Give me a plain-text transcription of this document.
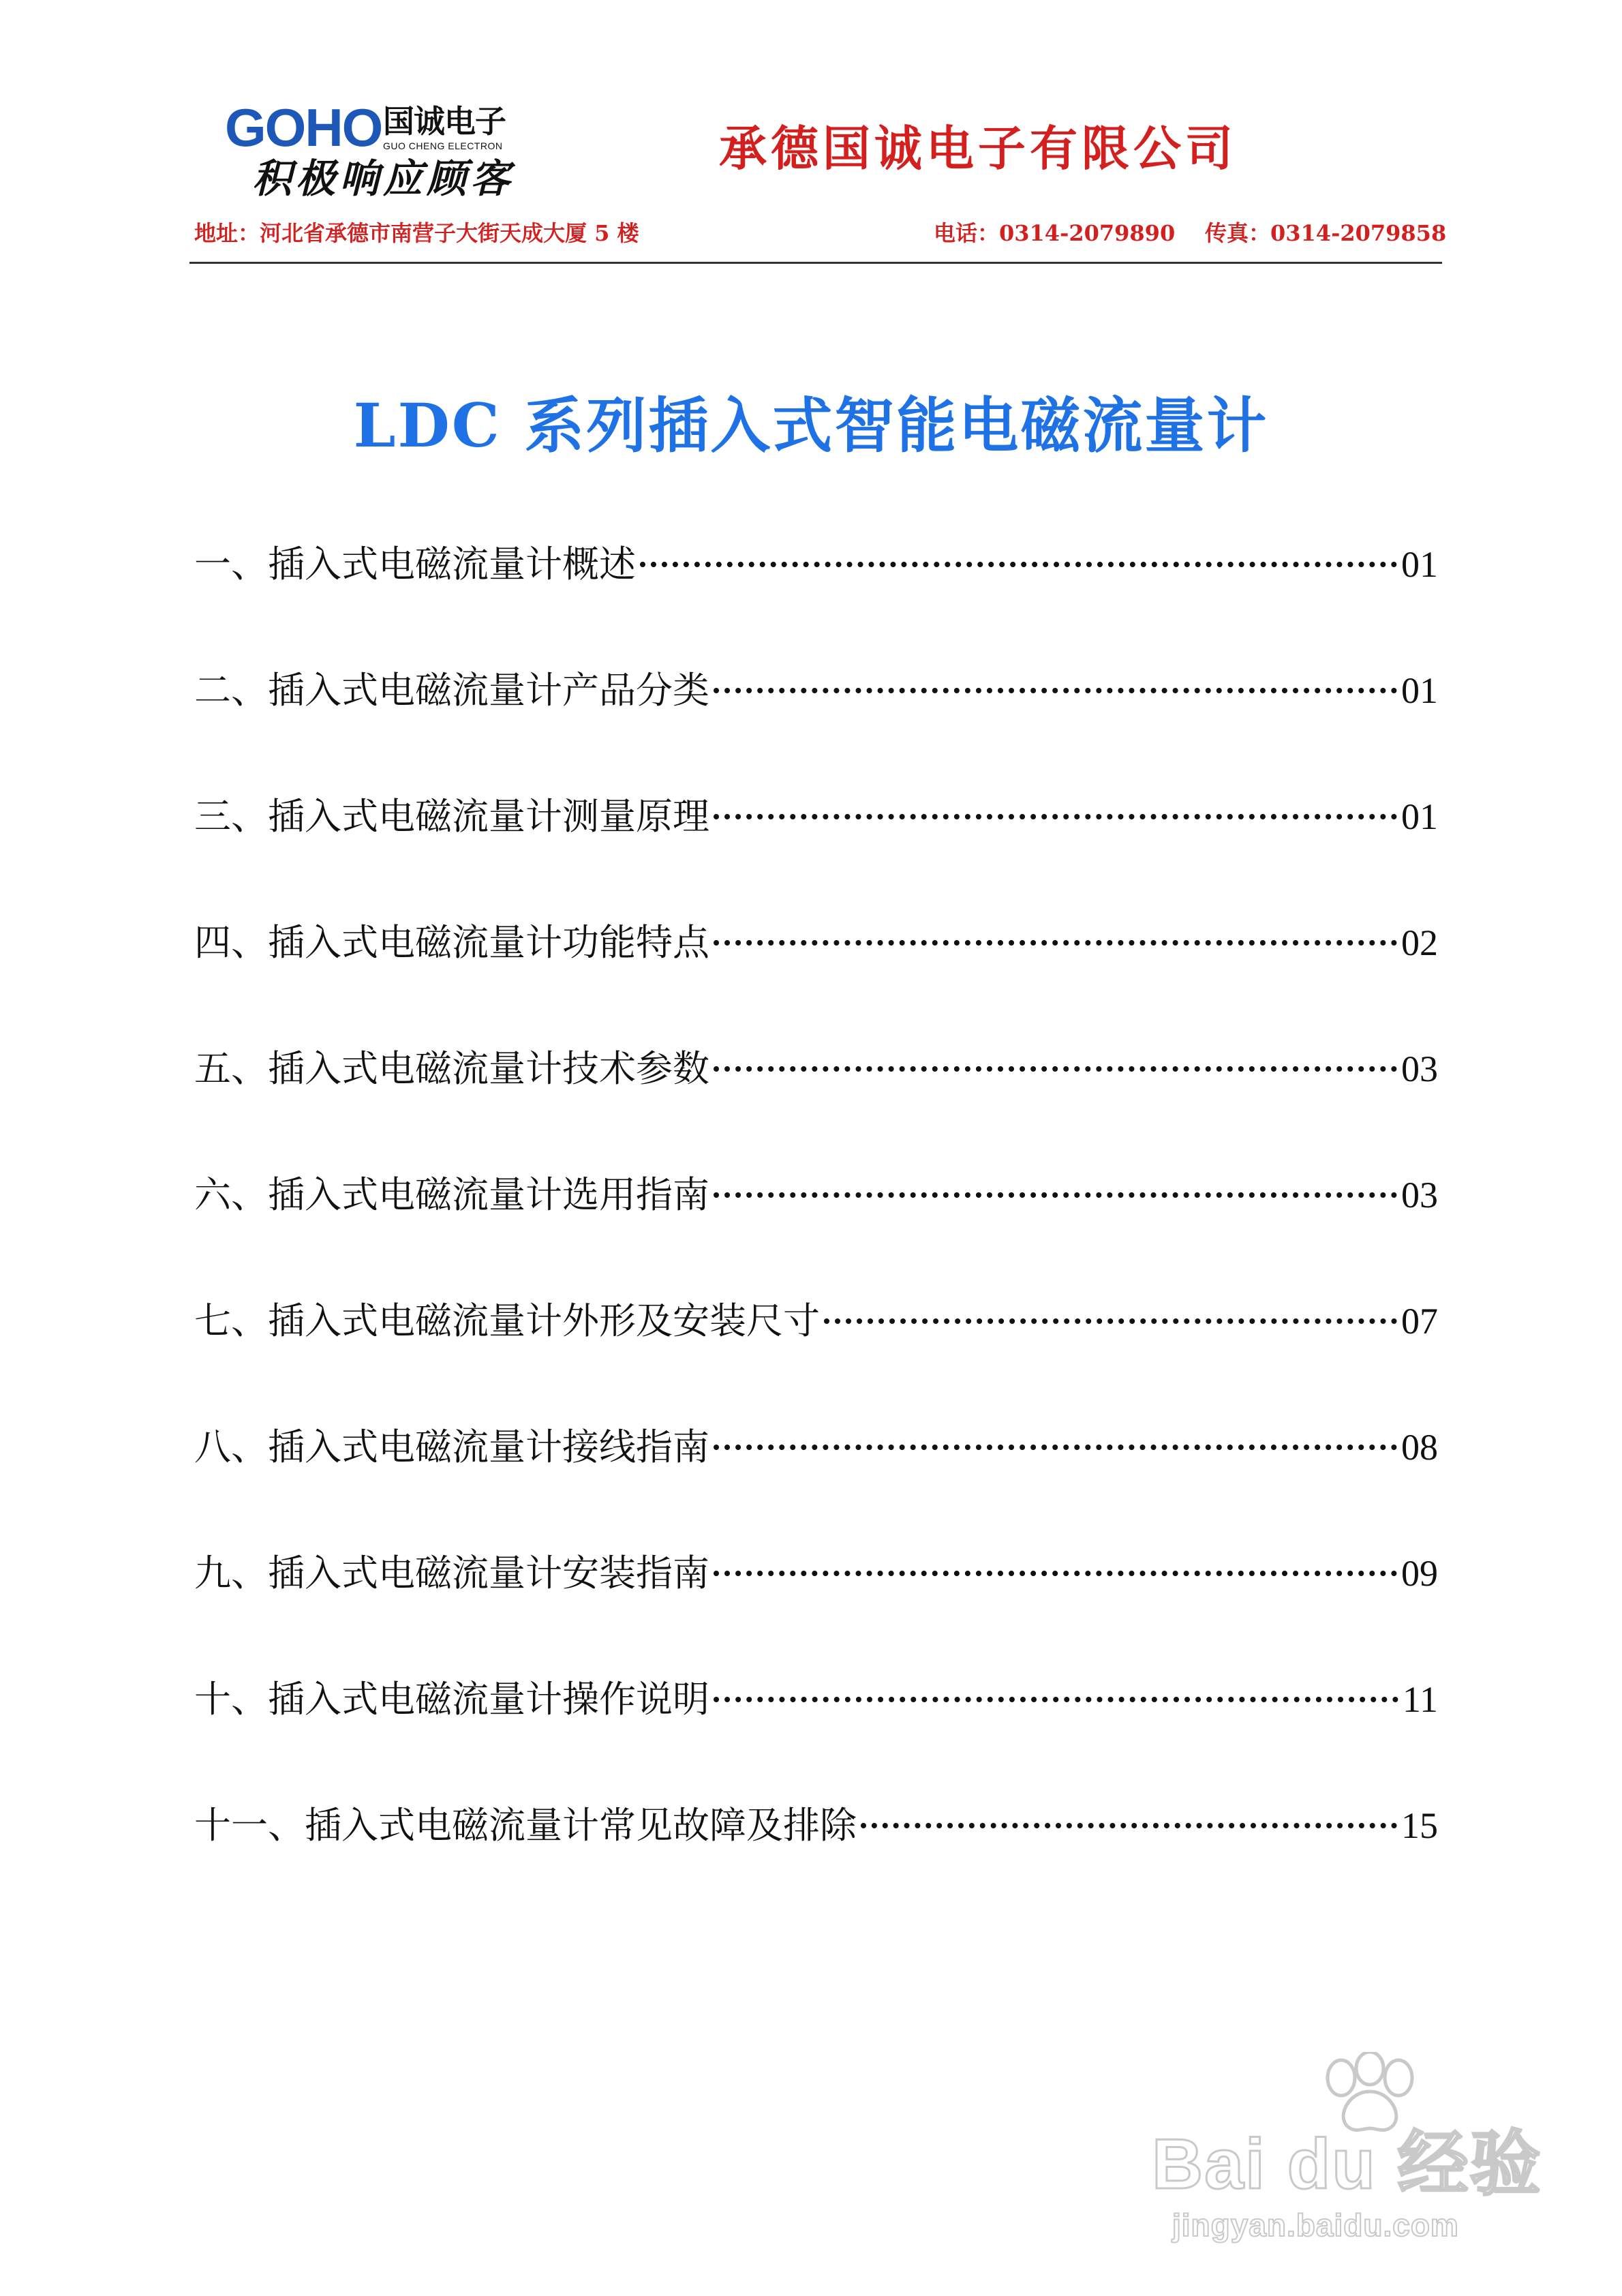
GOHO 国诚电子
GUO CHENG ELECTRON
积极响应顾客
承德国诚电子有限公司
地址：河北省承德市南营子大街天成大厦 5 楼	电话：0314-2079890 传真：0314-2079858
LDC 系列插入式智能电磁流量计
一、插入式电磁流量计概述	01
二、插入式电磁流量计产品分类	01
三、插入式电磁流量计测量原理	01
四、插入式电磁流量计功能特点	02
五、插入式电磁流量计技术参数	03
六、插入式电磁流量计选用指南	03
七、插入式电磁流量计外形及安装尺寸	07
八、插入式电磁流量计接线指南	08
九、插入式电磁流量计安装指南	09
十、插入式电磁流量计操作说明	11
十一、插入式电磁流量计常见故障及排除	15
Bai du 经验
jingyan.baidu.com
